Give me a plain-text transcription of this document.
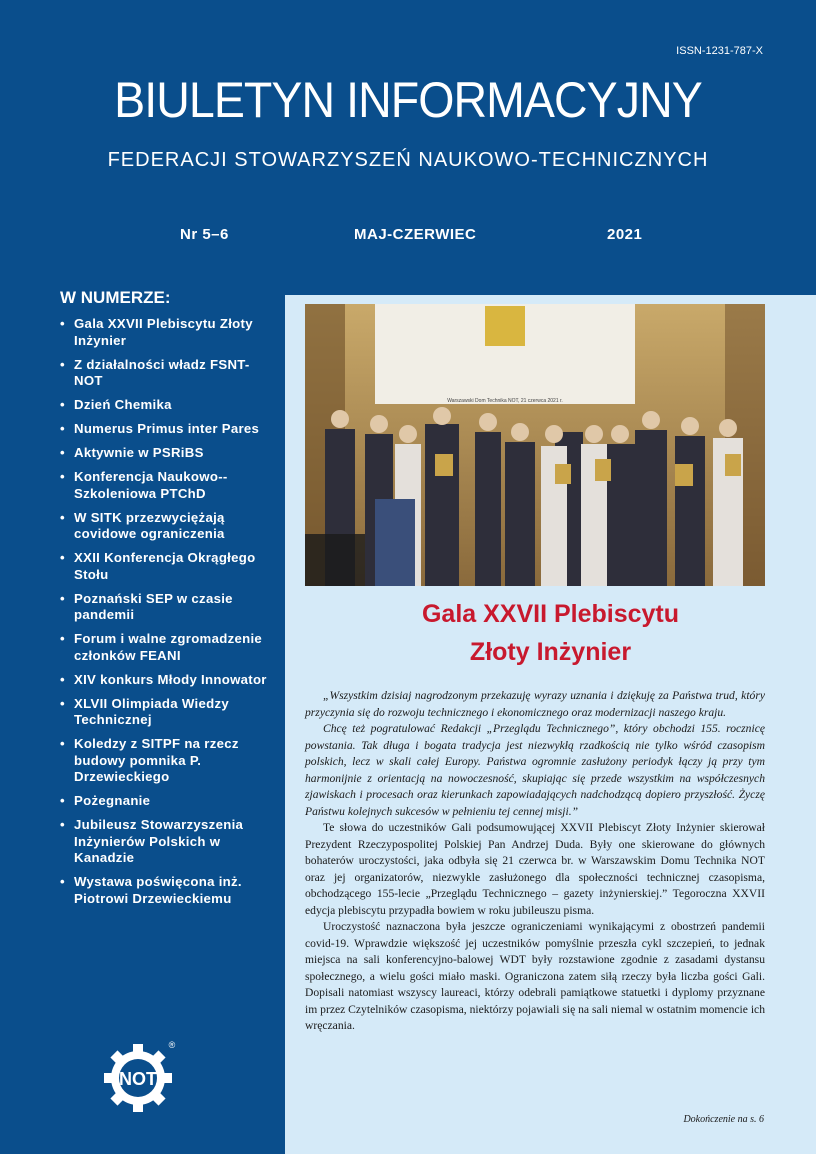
ISSN-1231-787-X
BIULETYN INFORMACYJNY
FEDERACJI STOWARZYSZEŃ NAUKOWO-TECHNICZNYCH
Nr 5–6	MAJ-CZERWIEC	2021
W NUMERZE:
• Gala XXVII Plebiscytu Złoty Inżynier
• Z działalności władz FSNT-NOT
• Dzień Chemika
• Numerus Primus inter Pares
• Aktywnie w PSRiBS
• Konferencja Naukowo--Szkoleniowa PTChD
• W SITK przezwyciężają covidowe ograniczenia
• XXII Konferencja Okrągłego Stołu
• Poznański SEP w czasie pandemii
• Forum i walne zgromadzenie członków FEANI
• XIV konkurs Młody Innowator
• XLVII Olimpiada Wiedzy Technicznej
• Koledzy z SITPF na rzecz budowy pomnika P. Drzewieckiego
• Pożegnanie
• Jubileusz Stowarzyszenia Inżynierów Polskich w Kanadzie
• Wystawa poświęcona inż. Piotrowi Drzewieckiemu
NOT
®
Warszawski Dom Technika NOT, 21 czerwca 2021 r.
Gala XXVII Plebiscytu
Złoty Inżynier

„Wszystkim dzisiaj nagrodzonym przekazuję wyrazy uznania i dziękuję za Państwa trud, który przyczynia się do rozwoju technicznego i ekonomicznego oraz modernizacji naszego kraju.

Chcę też pogratulować Redakcji „Przeglądu Technicznego”, który obchodzi 155. rocznicę powstania. Tak długa i bogata tradycja jest niezwykłą rzadkością nie tylko wśród czasopism polskich, lecz w skali całej Europy. Państwa ogromnie zasłużony periodyk łączy ją przy tym harmonijnie z orientacją na nowoczesność, skupiając się przede wszystkim na współczesnych zjawiskach i procesach oraz kierunkach zapowiadających nadchodzącą dopiero przyszłość. Życzę Państwu kolejnych sukcesów w pełnieniu tej cennej misji.”

Te słowa do uczestników Gali podsumowującej XXVII Plebiscyt Złoty Inżynier skierował Prezydent Rzeczypospolitej Polskiej Pan Andrzej Duda. Były one skierowane do głównych bohaterów uroczystości, jaka odbyła się 21 czerwca br. w Warszawskim Domu Technika NOT oraz jej organizatorów, niezwykle zasłużonego dla społeczności technicznej czasopisma, obchodzącego 155-lecie „Przeglądu Technicznego – gazety inżynierskiej.” Tegoroczna XXVII edycja plebiscytu przypadła bowiem w roku jubileuszu pisma.

Uroczystość naznaczona była jeszcze ograniczeniami wynikającymi z obostrzeń pandemii covid-19. Wprawdzie większość jej uczestników pomyślnie przeszła cykl szczepień, to jednak miejsca na sali konferencyjno-balowej WDT były rozstawione zgodnie z zasadami dystansu społecznego, a wielu gości miało maski. Ograniczona zatem siłą rzeczy była liczba gości Gali. Dopisali natomiast wszyscy laureaci, którzy odebrali pamiątkowe statuetki i dyplomy przyznane im przez Czytelników czasopisma, niektórzy pojawiali się na sali niemal w ostatnim momencie ich wręczania.

Dokończenie na s. 6
